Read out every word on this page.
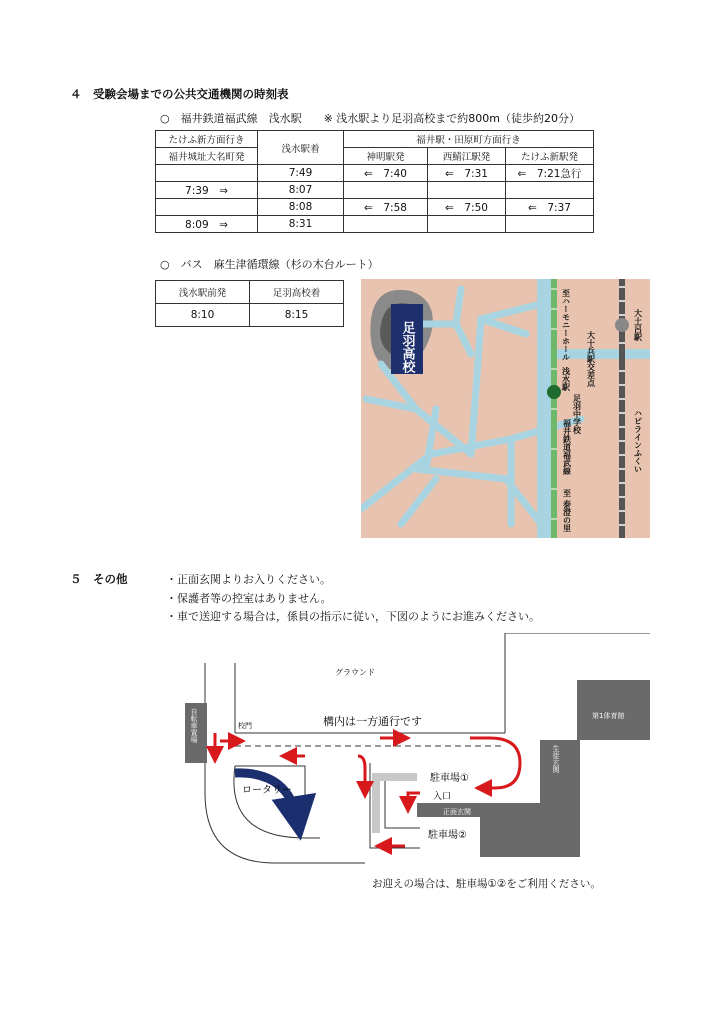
４　受験会場までの公共交通機関の時刻表
○　福井鉄道福武線　浅水駅　　※ 浅水駅より足羽高校まで約800m（徒歩約20分）
たけふ新方面行き	浅水駅着	福井駅・田原町方面行き		
福井城址大名町発		神明駅発	西鯖江駅発	たけふ新駅発
	7:49	⇐　7:40	⇐　7:31	⇐　7:21急行
7:39　⇒	8:07			
	8:08	⇐　7:58	⇐　7:50	⇐　7:37
8:09　⇒	8:31			
○　バス　麻生津循環線（杉の木台ルート）
浅水駅前発	足羽高校着
8:10	8:15
足羽高校	至ハーモニーホール
浅水駅 大十兵駅交差点
足羽中学校
福井鉄道福武線
至 泰澄の里
大土呂駅
ハピラインふくい
５　その他	・正面玄関よりお入りください。
・保護者等の控室はありません。
・車で送迎する場合は，係員の指示に従い，下図のようにお進みください。
グラウンド
自転車置場	校門	構内は一方通行です
ロータリー
駐車場①
入口
正面玄関
駐車場②
第1体育館
生徒玄関
お迎えの場合は、駐車場①②をご利用ください。
